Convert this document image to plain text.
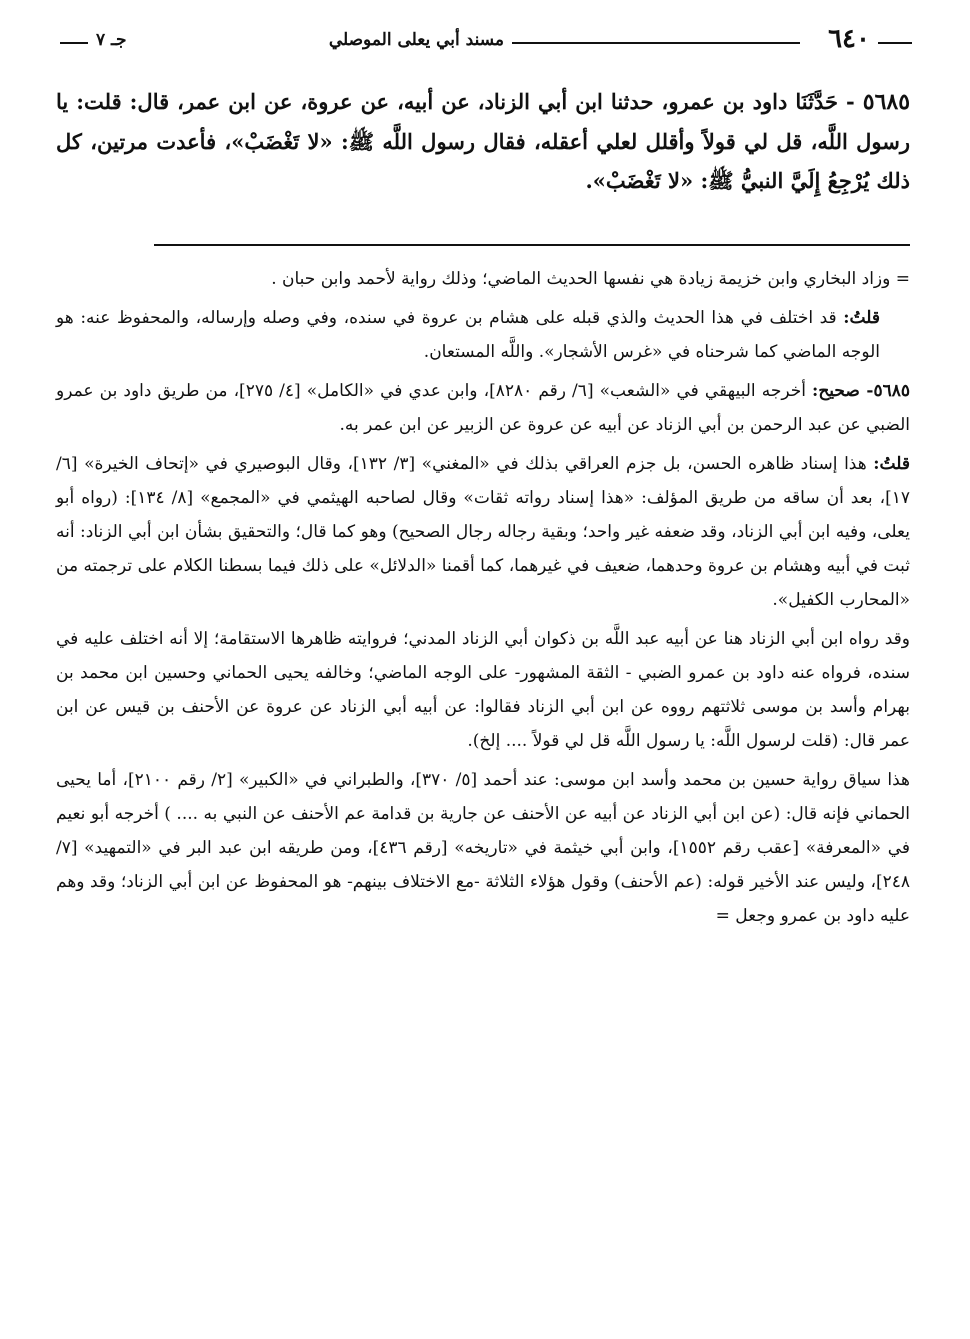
٦٤٠
مسند أبي يعلى الموصلي
جـ ٧
٥٦٨٥ - حَدَّثَنَا داود بن عمرو، حدثنا ابن أبي الزناد، عن أبيه، عن عروة، عن ابن عمر، قال: قلت: يا رسول اللَّه، قل لي قولاً وأقلل لعلي أعقله، فقال رسول اللَّه ﷺ: «لا تَغْضَبْ»، فأعدت مرتين، كل ذلك يُرْجِعُ إِلَيَّ النبيُّ ﷺ: «لا تَغْضَبْ».

= وزاد البخاري وابن خزيمة زيادة هي نفسها الحديث الماضي؛ وذلك رواية لأحمد وابن حبان .

قلتُ: قد اختلف في هذا الحديث والذي قبله على هشام بن عروة في سنده، وفي وصله وإرساله، والمحفوظ عنه: هو الوجه الماضي كما شرحناه في «غرس الأشجار». واللَّه المستعان.

٥٦٨٥- صحيح: أخرجه البيهقي في «الشعب» [٦/ رقم ٨٢٨٠]، وابن عدي في «الكامل» [٤/ ٢٧٥]، من طريق داود بن عمرو الضبي عن عبد الرحمن بن أبي الزناد عن أبيه عن عروة عن الزبير عن ابن عمر به.

قلتُ: هذا إسناد ظاهره الحسن، بل جزم العراقي بذلك في «المغني» [٣/ ١٣٢]، وقال البوصيري في «إتحاف الخيرة» [٦/ ١٧]، بعد أن ساقه من طريق المؤلف: «هذا إسناد رواته ثقات» وقال لصاحبه الهيثمي في «المجمع» [٨/ ١٣٤]: (رواه أبو يعلى، وفيه ابن أبي الزناد، وقد ضعفه غير واحد؛ وبقية رجاله رجال الصحيح) وهو كما قال؛ والتحقيق بشأن ابن أبي الزناد: أنه ثبت في أبيه وهشام بن عروة وحدهما، ضعيف في غيرهما، كما أقمنا «الدلائل» على ذلك فيما بسطنا الكلام على ترجمته من «المحارب الكفيل».

وقد رواه ابن أبي الزناد هنا عن أبيه عبد اللَّه بن ذكوان أبي الزناد المدني؛ فروايته ظاهرها الاستقامة؛ إلا أنه اختلف عليه في سنده، فرواه عنه داود بن عمرو الضبي - الثقة المشهور- على الوجه الماضي؛ وخالفه يحيى الحماني وحسين ابن محمد بن بهرام وأسد بن موسى ثلاثتهم رووه عن ابن أبي الزناد فقالوا: عن أبيه أبي الزناد عن عروة عن الأحنف بن قيس عن ابن عمر قال: (قلت لرسول اللَّه: يا رسول اللَّه قل لي قولاً .... إلخ).

هذا سياق رواية حسين بن محمد وأسد ابن موسى: عند أحمد [٥/ ٣٧٠]، والطبراني في «الكبير» [٢/ رقم ٢١٠٠]، أما يحيى الحماني فإنه قال: (عن ابن أبي الزناد عن أبيه عن الأحنف عن جارية بن قدامة عم الأحنف عن النبي به .... ) أخرجه أبو نعيم في «المعرفة» [عقب رقم ١٥٥٢]، وابن أبي خيثمة في «تاريخه» [رقم ٤٣٦]، ومن طريقه ابن عبد البر في «التمهيد» [٧/ ٢٤٨]، وليس عند الأخير قوله: (عم الأحنف) وقول هؤلاء الثلاثة -مع الاختلاف بينهم- هو المحفوظ عن ابن أبي الزناد؛ وقد وهم عليه داود بن عمرو وجعل =
